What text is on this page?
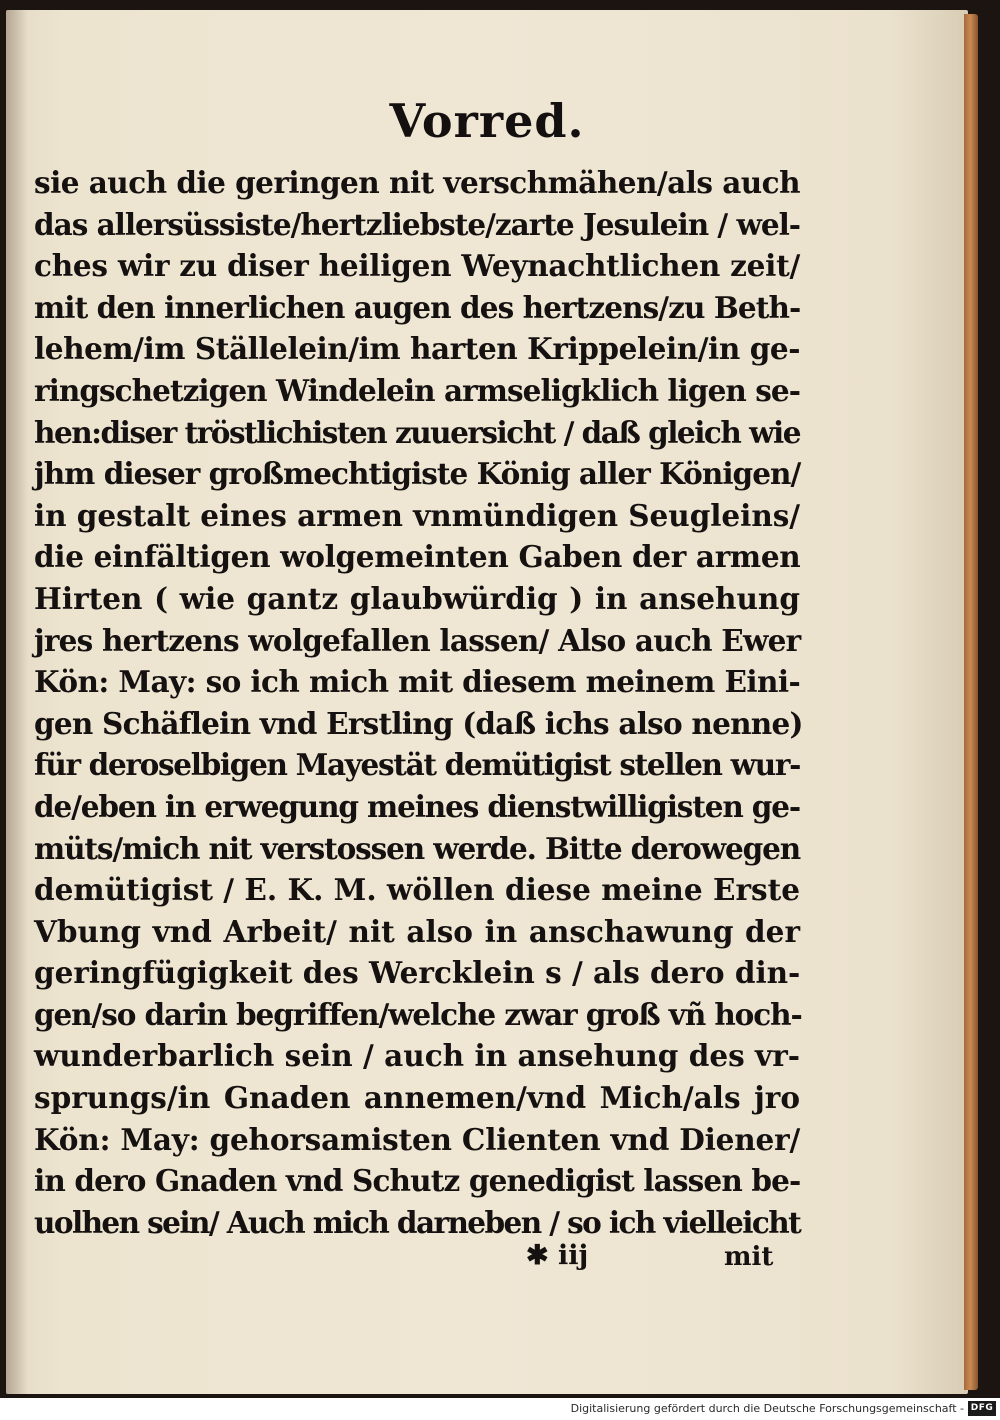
Vorred.
sie auch die geringen nit verschmähen/als auch
das allersüssiste/hertzliebste/zarte Jesulein / wel-
ches wir zu diser heiligen Weynachtlichen zeit/
mit den innerlichen augen des hertzens/zu Beth-
lehem/im Ställelein/im harten Krippelein/in ge-
ringschetzigen Windelein armseligklich ligen se-
hen:diser tröstlichisten zuuersicht / daß gleich wie
jhm dieser großmechtigiste König aller Königen/
in gestalt eines armen vnmündigen Seugleins/
die einfältigen wolgemeinten Gaben der armen
Hirten ( wie gantz glaubwürdig ) in ansehung
jres hertzens wolgefallen lassen/ Also auch Ewer
Kön: May: so ich mich mit diesem meinem Eini-
gen Schäflein vnd Erstling (daß ichs also nenne)
für deroselbigen Mayestät demütigist stellen wur-
de/eben in erwegung meines dienstwilligisten ge-
müts/mich nit verstossen werde. Bitte derowegen
demütigist / E. K. M. wöllen diese meine Erste
Vbung vnd Arbeit/ nit also in anschawung der
geringfügigkeit des Wercklein s / als dero din-
gen/so darin begriffen/welche zwar groß vñ hoch-
wunderbarlich sein / auch in ansehung des vr-
sprungs/in Gnaden annemen/vnd Mich/als jro
Kön: May: gehorsamisten Clienten vnd Diener/
in dero Gnaden vnd Schutz genedigist lassen be-
uolhen sein/ Auch mich darneben / so ich vielleicht
✱ iij	mit
Digitalisierung gefördert durch die Deutsche Forschungsgemeinschaft - DFG
